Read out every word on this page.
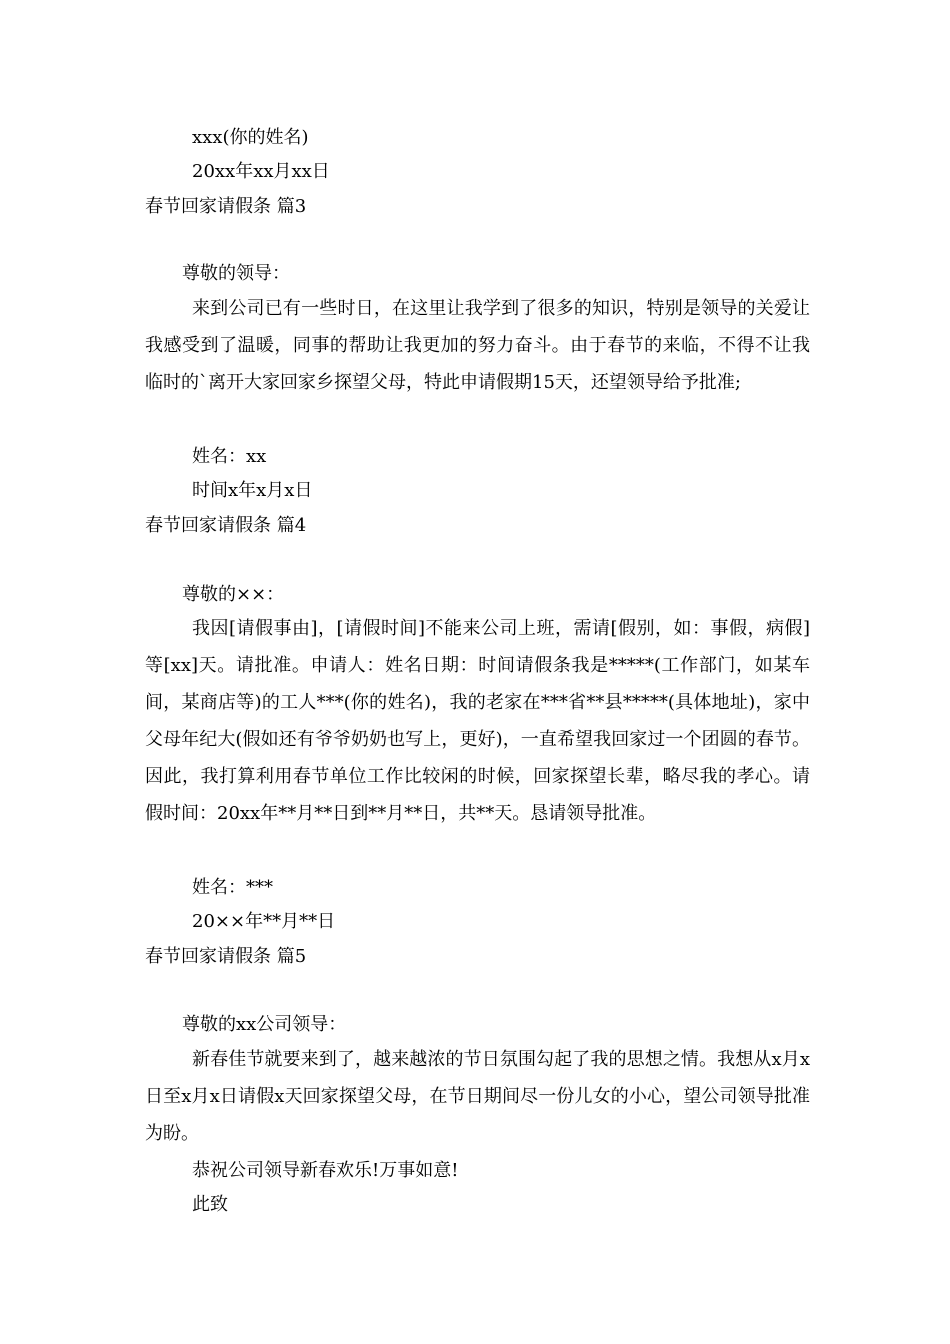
xxx(你的姓名)
20xx年xx月xx日
春节回家请假条 篇3
尊敬的领导：
来到公司已有一些时日，在这里让我学到了很多的知识，特别是领导的关爱让我感受到了温暖，同事的帮助让我更加的努力奋斗。由于春节的来临，不得不让我临时的`离开大家回家乡探望父母，特此申请假期15天，还望领导给予批准;
姓名：xx
时间x年x月x日
春节回家请假条 篇4
尊敬的××：
我因[请假事由]，[请假时间]不能来公司上班，需请[假别，如：事假，病假]等[xx]天。请批准。申请人：姓名日期：时间请假条我是*****(工作部门，如某车间，某商店等)的工人***(你的姓名)，我的老家在***省**县*****(具体地址)，家中父母年纪大(假如还有爷爷奶奶也写上，更好)，一直希望我回家过一个团圆的春节。因此，我打算利用春节单位工作比较闲的时候，回家探望长辈，略尽我的孝心。请假时间：20xx年**月**日到**月**日，共**天。恳请领导批准。
姓名：***
20××年**月**日
春节回家请假条 篇5
尊敬的xx公司领导：
新春佳节就要来到了，越来越浓的节日氛围勾起了我的思想之情。我想从x月x日至x月x日请假x天回家探望父母，在节日期间尽一份儿女的小心，望公司领导批准为盼。
恭祝公司领导新春欢乐!万事如意!
此致
